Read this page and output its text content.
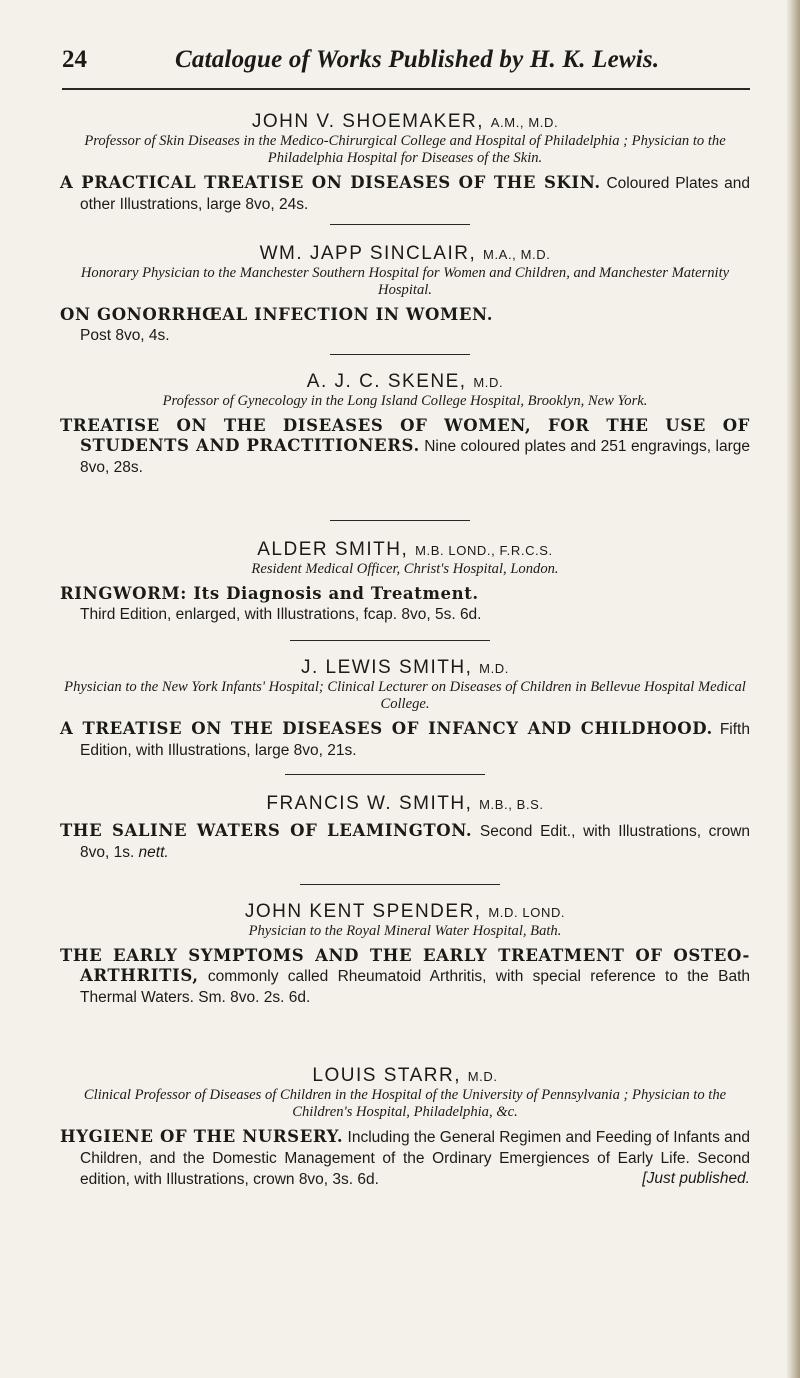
24	Catalogue of Works Published by H. K. Lewis.
JOHN V. SHOEMAKER, A.M., M.D.
Professor of Skin Diseases in the Medico-Chirurgical College and Hospital of Philadelphia ; Physician to the Philadelphia Hospital for Diseases of the Skin.
A PRACTICAL TREATISE ON DISEASES OF THE SKIN. Coloured Plates and other Illustrations, large 8vo, 24s.
WM. JAPP SINCLAIR, M.A., M.D.
Honorary Physician to the Manchester Southern Hospital for Women and Children, and Manchester Maternity Hospital.
ON GONORRHŒAL INFECTION IN WOMEN.
Post 8vo, 4s.
A. J. C. SKENE, M.D.
Professor of Gynecology in the Long Island College Hospital, Brooklyn, New York.
TREATISE ON THE DISEASES OF WOMEN, FOR THE USE OF STUDENTS AND PRACTITIONERS. Nine coloured plates and 251 engravings, large 8vo, 28s.
ALDER SMITH, M.B. LOND., F.R.C.S.
Resident Medical Officer, Christ's Hospital, London.
RINGWORM: Its Diagnosis and Treatment.
Third Edition, enlarged, with Illustrations, fcap. 8vo, 5s. 6d.
J. LEWIS SMITH, M.D.
Physician to the New York Infants' Hospital; Clinical Lecturer on Diseases of Children in Bellevue Hospital Medical College.
A TREATISE ON THE DISEASES OF INFANCY AND CHILDHOOD. Fifth Edition, with Illustrations, large 8vo, 21s.
FRANCIS W. SMITH, M.B., B.S.
THE SALINE WATERS OF LEAMINGTON. Second Edit., with Illustrations, crown 8vo, 1s. nett.
JOHN KENT SPENDER, M.D. LOND.
Physician to the Royal Mineral Water Hospital, Bath.
THE EARLY SYMPTOMS AND THE EARLY TREATMENT OF OSTEO-ARTHRITIS, commonly called Rheumatoid Arthritis, with special reference to the Bath Thermal Waters. Sm. 8vo. 2s. 6d.
LOUIS STARR, M.D.
Clinical Professor of Diseases of Children in the Hospital of the University of Pennsylvania ; Physician to the Children's Hospital, Philadelphia, &c.
HYGIENE OF THE NURSERY. Including the General Regimen and Feeding of Infants and Children, and the Domestic Management of the Ordinary Emergiences of Early Life. Second edition, with Illustrations, crown 8vo, 3s. 6d.	[Just published.
